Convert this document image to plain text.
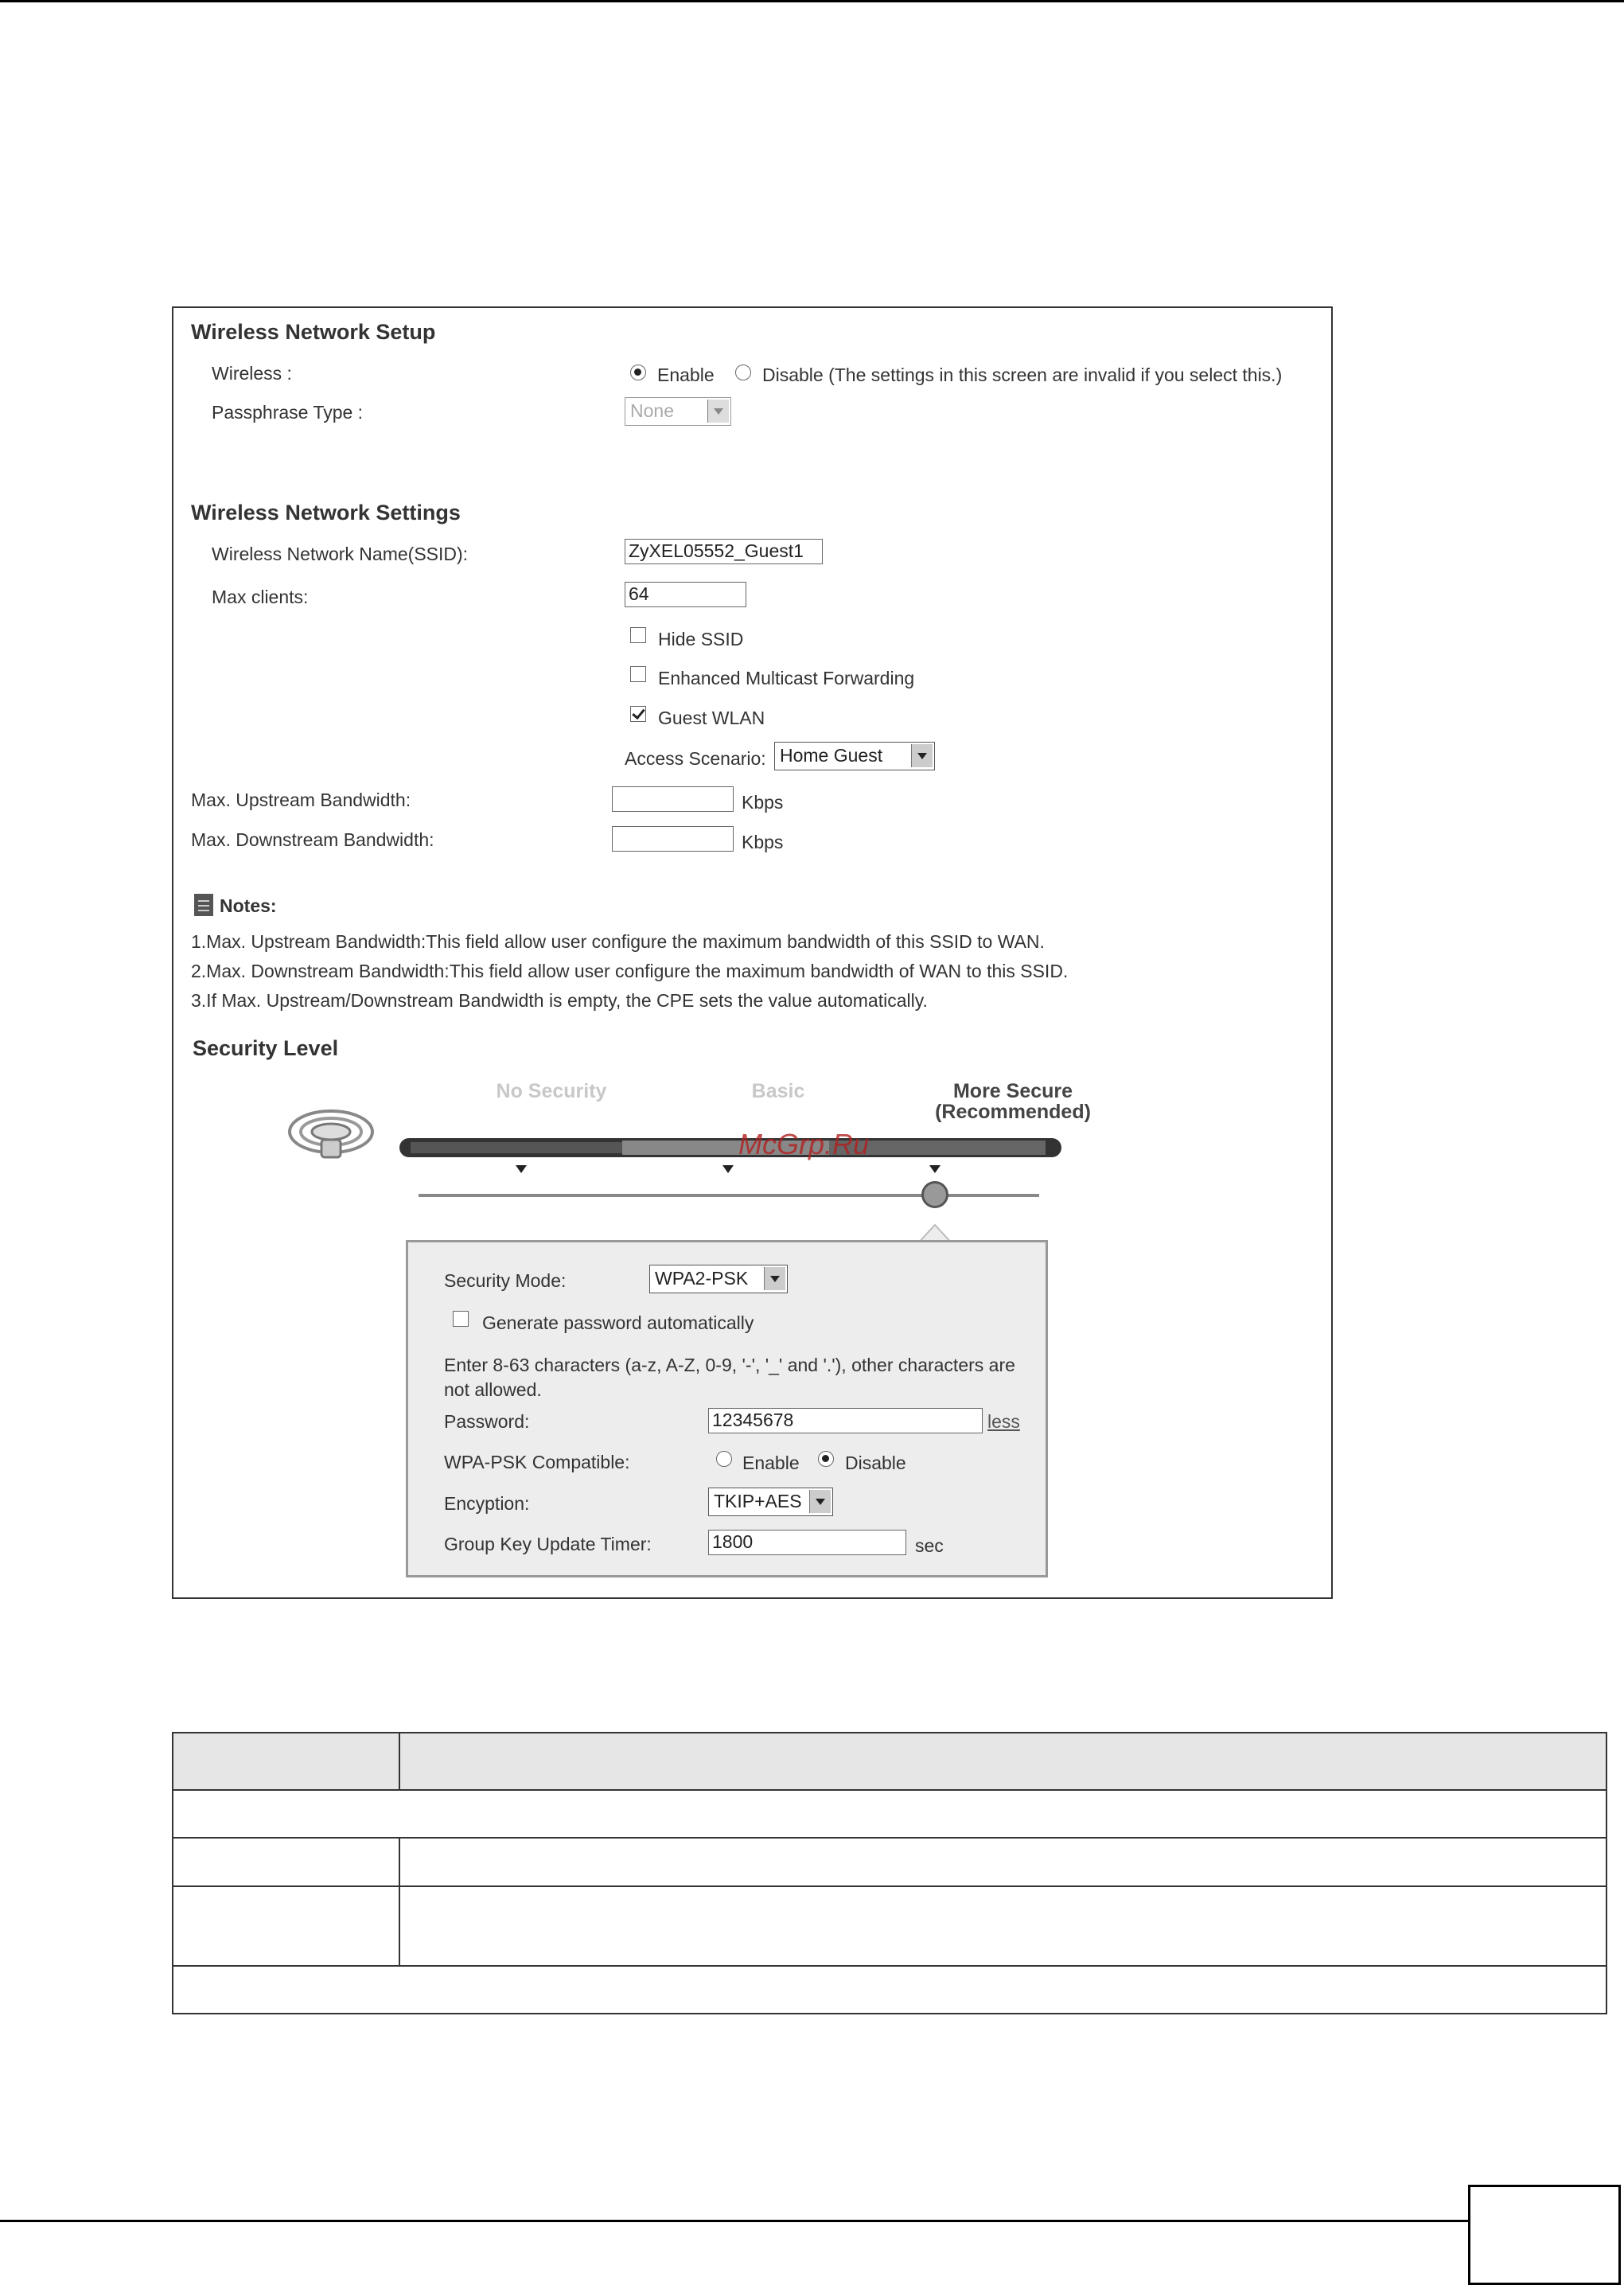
Wireless Network Setup
Wireless :	Enable	Disable (The settings in this screen are invalid if you select this.)
Passphrase Type :	None
Wireless Network Settings
Wireless Network Name(SSID):	ZyXEL05552_Guest1
Max clients:	64
Hide SSID
Enhanced Multicast Forwarding
Guest WLAN
Access Scenario: Home Guest
Max. Upstream Bandwidth:	Kbps
Max. Downstream Bandwidth:	Kbps
Notes:
1.Max. Upstream Bandwidth:This field allow user configure the maximum bandwidth of this SSID to WAN.
2.Max. Downstream Bandwidth:This field allow user configure the maximum bandwidth of WAN to this SSID.
3.If Max. Upstream/Downstream Bandwidth is empty, the CPE sets the value automatically.
Security Level
No Security	Basic	More Secure
(Recommended)
McGrp.Ru
Security Mode:	WPA2-PSK
Generate password automatically
Enter 8-63 characters (a-z, A-Z, 0-9, '-', '_' and '.'), other characters are
not allowed.
Password:	12345678	less
WPA-PSK Compatible:	Enable Disable
Encyption:	TKIP+AES
Group Key Update Timer:	1800	sec
